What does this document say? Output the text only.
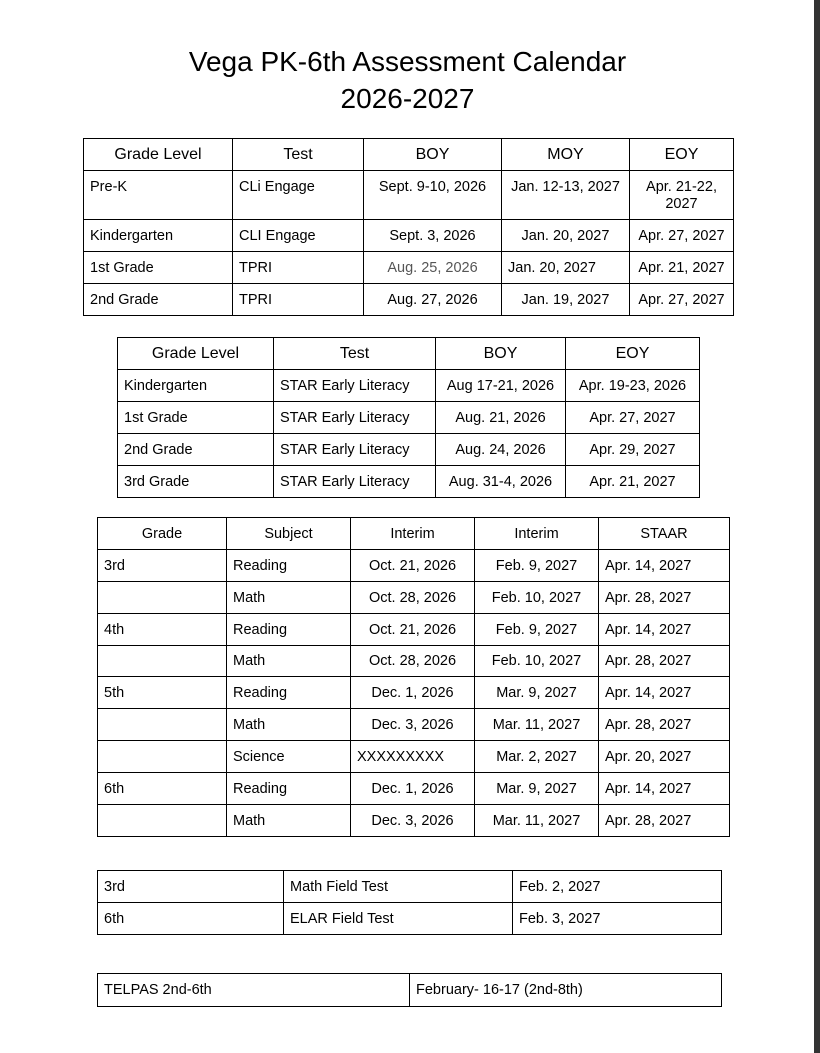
Vega PK-6th Assessment Calendar
2026-2027
Grade Level	Test	BOY	MOY	EOY
Pre-K	CLi Engage	Sept. 9-10, 2026	Jan. 12-13, 2027	Apr. 21-22, 2027
Kindergarten	CLI Engage	Sept. 3, 2026	Jan. 20, 2027	Apr. 27, 2027
1st Grade	TPRI	Aug. 25, 2026	Jan. 20, 2027	Apr. 21, 2027
2nd Grade	TPRI	Aug. 27, 2026	Jan. 19, 2027	Apr. 27, 2027
Grade Level	Test	BOY	EOY
Kindergarten	STAR Early Literacy	Aug 17-21, 2026	Apr. 19-23, 2026
1st Grade	STAR Early Literacy	Aug. 21, 2026	Apr. 27, 2027
2nd Grade	STAR Early Literacy	Aug. 24, 2026	Apr. 29, 2027
3rd Grade	STAR Early Literacy	Aug. 31-4, 2026	Apr. 21, 2027
Grade	Subject	Interim	Interim	STAAR
3rd	Reading	Oct. 21, 2026	Feb. 9, 2027	Apr. 14, 2027
	Math	Oct. 28, 2026	Feb. 10, 2027	Apr. 28, 2027
4th	Reading	Oct. 21, 2026	Feb. 9, 2027	Apr. 14, 2027
	Math	Oct. 28, 2026	Feb. 10, 2027	Apr. 28, 2027
5th	Reading	Dec. 1, 2026	Mar. 9, 2027	Apr. 14, 2027
	Math	Dec. 3, 2026	Mar. 11, 2027	Apr. 28, 2027
	Science	XXXXXXXXX	Mar. 2, 2027	Apr. 20, 2027
6th	Reading	Dec. 1, 2026	Mar. 9, 2027	Apr. 14, 2027
	Math	Dec. 3, 2026	Mar. 11, 2027	Apr. 28, 2027
3rd	Math Field Test	Feb. 2, 2027
6th	ELAR Field Test	Feb. 3, 2027
TELPAS 2nd-6th	February- 16-17 (2nd-8th)
